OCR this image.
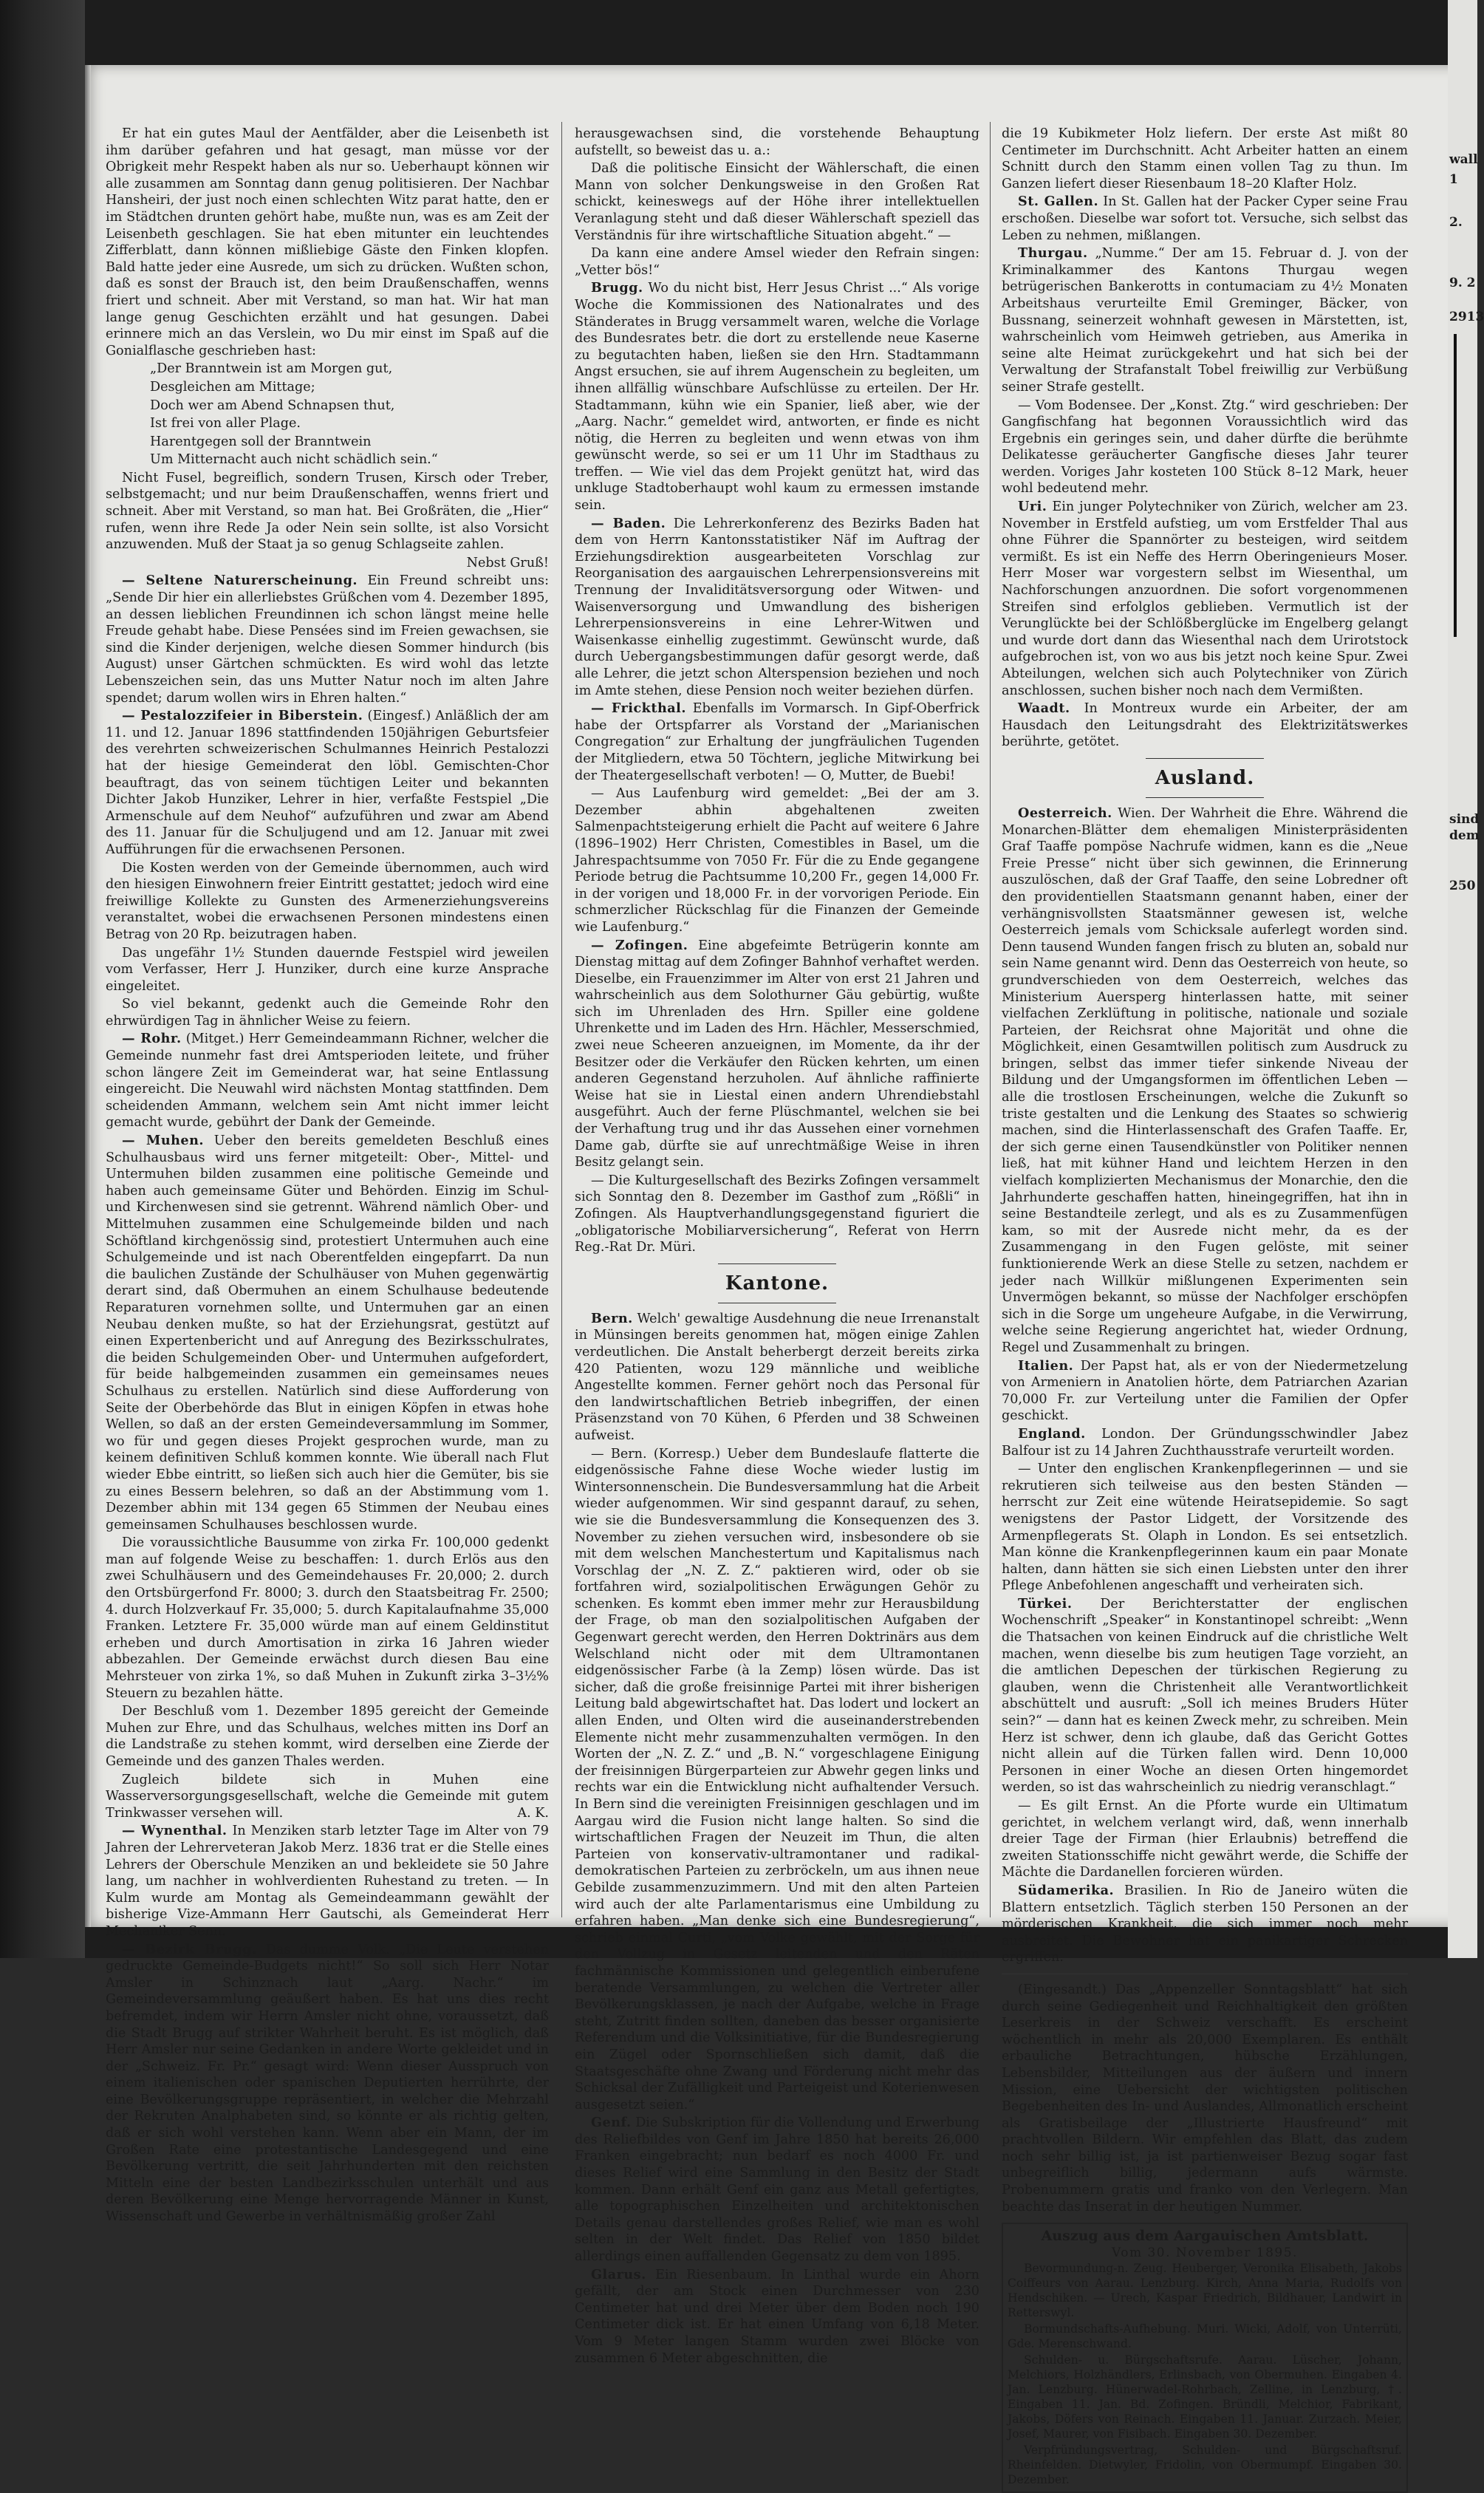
Er hat ein gutes Maul der Aentfälder, aber die Leisenbeth ist ihm darüber gefahren und hat gesagt, man müsse vor der Obrigkeit mehr Respekt haben als nur so. Ueberhaupt können wir alle zusammen am Sonntag dann genug politisieren. Der Nachbar Hansheiri, der just noch einen schlechten Witz parat hatte, den er im Städtchen drunten gehört habe, mußte nun, was es am Zeit der Leisenbeth geschlagen. Sie hat eben mitunter ein leuchtendes Zifferblatt, dann können mißliebige Gäste den Finken klopfen. Bald hatte jeder eine Ausrede, um sich zu drücken. Wußten schon, daß es sonst der Brauch ist, den beim Draußenschaffen, wenns friert und schneit. Aber mit Verstand, so man hat. Wir hat man lange genug Geschichten erzählt und hat gesungen. Dabei erinnere mich an das Verslein, wo Du mir einst im Spaß auf die Gonialflasche geschrieben hast:

„Der Branntwein ist am Morgen gut,
Desgleichen am Mittage;
Doch wer am Abend Schnapsen thut,
Ist frei von aller Plage.
Harentgegen soll der Branntwein
Um Mitternacht auch nicht schädlich sein.“

Nicht Fusel, begreiflich, sondern Trusen, Kirsch oder Treber, selbstgemacht; und nur beim Draußenschaffen, wenns friert und schneit. Aber mit Verstand, so man hat. Bei Großräten, die „Hier“ rufen, wenn ihre Rede Ja oder Nein sein sollte, ist also Vorsicht anzuwenden. Muß der Staat ja so genug Schlagseite zahlen.

Nebst Gruß!

— Seltene Naturerscheinung. Ein Freund schreibt uns: „Sende Dir hier ein allerliebstes Grüßchen vom 4. Dezember 1895, an dessen lieblichen Freundinnen ich schon längst meine helle Freude gehabt habe. Diese Pensées sind im Freien gewachsen, sie sind die Kinder derjenigen, welche diesen Sommer hindurch (bis August) unser Gärtchen schmückten. Es wird wohl das letzte Lebenszeichen sein, das uns Mutter Natur noch im alten Jahre spendet; darum wollen wirs in Ehren halten.“

— Pestalozzifeier in Biberstein. (Eingesf.) Anläßlich der am 11. und 12. Januar 1896 stattfindenden 150jährigen Geburtsfeier des verehrten schweizerischen Schulmannes Heinrich Pestalozzi hat der hiesige Gemeinderat den löbl. Gemischten-Chor beauftragt, das von seinem tüchtigen Leiter und bekannten Dichter Jakob Hunziker, Lehrer in hier, verfaßte Festspiel „Die Armenschule auf dem Neuhof“ aufzuführen und zwar am Abend des 11. Januar für die Schuljugend und am 12. Januar mit zwei Aufführungen für die erwachsenen Personen.

Die Kosten werden von der Gemeinde übernommen, auch wird den hiesigen Einwohnern freier Eintritt gestattet; jedoch wird eine freiwillige Kollekte zu Gunsten des Armenerziehungsvereins veranstaltet, wobei die erwachsenen Personen mindestens einen Betrag von 20 Rp. beizutragen haben.

Das ungefähr 1½ Stunden dauernde Festspiel wird jeweilen vom Verfasser, Herr J. Hunziker, durch eine kurze Ansprache eingeleitet.

So viel bekannt, gedenkt auch die Gemeinde Rohr den ehrwürdigen Tag in ähnlicher Weise zu feiern.

— Rohr. (Mitget.) Herr Gemeindeammann Richner, welcher die Gemeinde nunmehr fast drei Amtsperioden leitete, und früher schon längere Zeit im Gemeinderat war, hat seine Entlassung eingereicht. Die Neuwahl wird nächsten Montag stattfinden. Dem scheidenden Ammann, welchem sein Amt nicht immer leicht gemacht wurde, gebührt der Dank der Gemeinde.

— Muhen. Ueber den bereits gemeldeten Beschluß eines Schulhausbaus wird uns ferner mitgeteilt: Ober-, Mittel- und Untermuhen bilden zusammen eine politische Gemeinde und haben auch gemeinsame Güter und Behörden. Einzig im Schul- und Kirchenwesen sind sie getrennt. Während nämlich Ober- und Mittelmuhen zusammen eine Schulgemeinde bilden und nach Schöftland kirchgenössig sind, protestiert Untermuhen auch eine Schulgemeinde und ist nach Oberentfelden eingepfarrt. Da nun die baulichen Zustände der Schulhäuser von Muhen gegenwärtig derart sind, daß Obermuhen an einem Schulhause bedeutende Reparaturen vornehmen sollte, und Untermuhen gar an einen Neubau denken mußte, so hat der Erziehungsrat, gestützt auf einen Expertenbericht und auf Anregung des Bezirksschulrates, die beiden Schulgemeinden Ober- und Untermuhen aufgefordert, für beide halbgemeinden zusammen ein gemeinsames neues Schulhaus zu erstellen. Natürlich sind diese Aufforderung von Seite der Oberbehörde das Blut in einigen Köpfen in etwas hohe Wellen, so daß an der ersten Gemeindeversammlung im Sommer, wo für und gegen dieses Projekt gesprochen wurde, man zu keinem definitiven Schluß kommen konnte. Wie überall nach Flut wieder Ebbe eintritt, so ließen sich auch hier die Gemüter, bis sie zu eines Bessern belehren, so daß an der Abstimmung vom 1. Dezember abhin mit 134 gegen 65 Stimmen der Neubau eines gemeinsamen Schulhauses beschlossen wurde.

Die voraussichtliche Bausumme von zirka Fr. 100,000 gedenkt man auf folgende Weise zu beschaffen: 1. durch Erlös aus den zwei Schulhäusern und des Gemeindehauses Fr. 20,000; 2. durch den Ortsbürgerfond Fr. 8000; 3. durch den Staatsbeitrag Fr. 2500; 4. durch Holzverkauf Fr. 35,000; 5. durch Kapitalaufnahme 35,000 Franken. Letztere Fr. 35,000 würde man auf einem Geldinstitut erheben und durch Amortisation in zirka 16 Jahren wieder abbezahlen. Der Gemeinde erwächst durch diesen Bau eine Mehrsteuer von zirka 1%, so daß Muhen in Zukunft zirka 3–3½% Steuern zu bezahlen hätte.

Der Beschluß vom 1. Dezember 1895 gereicht der Gemeinde Muhen zur Ehre, und das Schulhaus, welches mitten ins Dorf an die Landstraße zu stehen kommt, wird derselben eine Zierde der Gemeinde und des ganzen Thales werden.

Zugleich bildete sich in Muhen eine Wasserversorgungsgesellschaft, welche die Gemeinde mit gutem Trinkwasser versehen will.	A. K.

— Wynenthal. In Menziken starb letzter Tage im Alter von 79 Jahren der Lehrerveteran Jakob Merz. 1836 trat er die Stelle eines Lehrers der Oberschule Menziken an und bekleidete sie 50 Jahre lang, um nachher in wohlverdienten Ruhestand zu treten. — In Kulm wurde am Montag als Gemeindeammann gewählt der bisherige Vize-Ammann Herr Gautschi, als Gemeinderat Herr Mechaniker Senn.

— Bezirk Brugg. Das dumme Volk. „Die Leute verstehen gedruckte Gemeinde-Budgets nicht!“ So soll sich Herr Notar Amsler in Schinznach laut „Aarg. Nachr.“ im Gemeindeversammlung geäußert haben. Es hat uns dies recht befremdet, indem wir Herrn Amsler nicht ohne, voraussetzt, daß die Stadt Brugg auf strikter Wahrheit beruht. Es ist möglich, daß Herr Amsler nur seine Gedanken in andere Worte gekleidet und in der „Schweiz. Fr. Pr.“ gesagt wird: Wenn dieser Ausspruch von einem italienischen oder spanischen Deputierten herrührte, der eine Bevölkerungsgruppe repräsentiert, in welcher die Mehrzahl der Rekruten Analphabeten sind, so könnte er als richtig gelten, daß er sich wohl verstehen kann. Wenn aber ein Mann, der im Großen Rate eine protestantische Landesgegend und eine Bevölkerung vertritt, die seit Jahrhunderten mit den reichsten Mitteln eine der besten Landbezirksschulen unterhält und aus deren Bevölkerung eine Menge hervorragende Männer in Kunst, Wissenschaft und Gewerbe in verhältnismäßig großer Zahl

herausgewachsen sind, die vorstehende Behauptung aufstellt, so beweist das u. a.:

Daß die politische Einsicht der Wählerschaft, die einen Mann von solcher Denkungsweise in den Großen Rat schickt, keineswegs auf der Höhe ihrer intellektuellen Veranlagung steht und daß dieser Wählerschaft speziell das Verständnis für ihre wirtschaftliche Situation abgeht.“ —

Da kann eine andere Amsel wieder den Refrain singen: „Vetter bös!“

Brugg. Wo du nicht bist, Herr Jesus Christ ...“ Als vorige Woche die Kommissionen des Nationalrates und des Ständerates in Brugg versammelt waren, welche die Vorlage des Bundesrates betr. die dort zu erstellende neue Kaserne zu begutachten haben, ließen sie den Hrn. Stadtammann Angst ersuchen, sie auf ihrem Augenschein zu begleiten, um ihnen allfällig wünschbare Aufschlüsse zu erteilen. Der Hr. Stadtammann, kühn wie ein Spanier, ließ aber, wie der „Aarg. Nachr.“ gemeldet wird, antworten, er finde es nicht nötig, die Herren zu begleiten und wenn etwas von ihm gewünscht werde, so sei er um 11 Uhr im Stadthaus zu treffen. — Wie viel das dem Projekt genützt hat, wird das unkluge Stadtoberhaupt wohl kaum zu ermessen imstande sein.

— Baden. Die Lehrerkonferenz des Bezirks Baden hat dem von Herrn Kantonsstatistiker Näf im Auftrag der Erziehungsdirektion ausgearbeiteten Vorschlag zur Reorganisation des aargauischen Lehrerpensionsvereins mit Trennung der Invaliditätsversorgung oder Witwen- und Waisenversorgung und Umwandlung des bisherigen Lehrerpensionsvereins in eine Lehrer-Witwen und Waisenkasse einhellig zugestimmt. Gewünscht wurde, daß durch Uebergangsbestimmungen dafür gesorgt werde, daß alle Lehrer, die jetzt schon Alterspension beziehen und noch im Amte stehen, diese Pension noch weiter beziehen dürfen.

— Frickthal. Ebenfalls im Vormarsch. In Gipf-Oberfrick habe der Ortspfarrer als Vorstand der „Marianischen Congregation“ zur Erhaltung der jungfräulichen Tugenden der Mitgliedern, etwa 50 Töchtern, jegliche Mitwirkung bei der Theatergesellschaft verboten! — O, Mutter, de Buebi!

— Aus Laufenburg wird gemeldet: „Bei der am 3. Dezember abhin abgehaltenen zweiten Salmenpachtsteigerung erhielt die Pacht auf weitere 6 Jahre (1896–1902) Herr Christen, Comestibles in Basel, um die Jahrespachtsumme von 7050 Fr. Für die zu Ende gegangene Periode betrug die Pachtsumme 10,200 Fr., gegen 14,000 Fr. in der vorigen und 18,000 Fr. in der vorvorigen Periode. Ein schmerzlicher Rückschlag für die Finanzen der Gemeinde wie Laufenburg.“

— Zofingen. Eine abgefeimte Betrügerin konnte am Dienstag mittag auf dem Zofinger Bahnhof verhaftet werden. Dieselbe, ein Frauenzimmer im Alter von erst 21 Jahren und wahrscheinlich aus dem Solothurner Gäu gebürtig, wußte sich im Uhrenladen des Hrn. Spiller eine goldene Uhrenkette und im Laden des Hrn. Hächler, Messerschmied, zwei neue Scheeren anzueignen, im Momente, da ihr der Besitzer oder die Verkäufer den Rücken kehrten, um einen anderen Gegenstand herzuholen. Auf ähnliche raffinierte Weise hat sie in Liestal einen andern Uhrendiebstahl ausgeführt. Auch der ferne Plüschmantel, welchen sie bei der Verhaftung trug und ihr das Aussehen einer vornehmen Dame gab, dürfte sie auf unrechtmäßige Weise in ihren Besitz gelangt sein.

— Die Kulturgesellschaft des Bezirks Zofingen versammelt sich Sonntag den 8. Dezember im Gasthof zum „Rößli“ in Zofingen. Als Hauptverhandlungsgegenstand figuriert die „obligatorische Mobiliarversicherung“, Referat von Herrn Reg.-Rat Dr. Müri.

Kantone.

Bern. Welch' gewaltige Ausdehnung die neue Irrenanstalt in Münsingen bereits genommen hat, mögen einige Zahlen verdeutlichen. Die Anstalt beherbergt derzeit bereits zirka 420 Patienten, wozu 129 männliche und weibliche Angestellte kommen. Ferner gehört noch das Personal für den landwirtschaftlichen Betrieb inbegriffen, der einen Präsenzstand von 70 Kühen, 6 Pferden und 38 Schweinen aufweist.

— Bern. (Korresp.) Ueber dem Bundeslaufe flatterte die eidgenössische Fahne diese Woche wieder lustig im Wintersonnenschein. Die Bundesversammlung hat die Arbeit wieder aufgenommen. Wir sind gespannt darauf, zu sehen, wie sie die Bundesversammlung die Konsequenzen des 3. November zu ziehen versuchen wird, insbesondere ob sie mit dem welschen Manchestertum und Kapitalismus nach Vorschlag der „N. Z. Z.“ paktieren wird, oder ob sie fortfahren wird, sozialpolitischen Erwägungen Gehör zu schenken. Es kommt eben immer mehr zur Herausbildung der Frage, ob man den sozialpolitischen Aufgaben der Gegenwart gerecht werden, den Herren Doktrinärs aus dem Welschland nicht oder mit dem Ultramontanen eidgenössischer Farbe (à la Zemp) lösen würde. Das ist sicher, daß die große freisinnige Partei mit ihrer bisherigen Leitung bald abgewirtschaftet hat. Das lodert und lockert an allen Enden, und Olten wird die auseinanderstrebenden Elemente nicht mehr zusammenzuhalten vermögen. In den Worten der „N. Z. Z.“ und „B. N.“ vorgeschlagene Einigung der freisinnigen Bürgerparteien zur Abwehr gegen links und rechts war ein die Entwicklung nicht aufhaltender Versuch. In Bern sind die vereinigten Freisinnigen geschlagen und im Aargau wird die Fusion nicht lange halten. So sind die wirtschaftlichen Fragen der Neuzeit im Thun, die alten Parteien von konservativ-ultramontaner und radikal-demokratischen Parteien zu zerbröckeln, um aus ihnen neue Gebilde zusammenzuzimmern. Und mit den alten Parteien wird auch der alte Parlamentarismus eine Umbildung zu erfahren haben. „Man denke sich eine Bundesregierung“, schrieb einmal Curti, „vom Volke gewählt, mit der Sorge für den Vollzug in Gesetz leitenden und den Räten fachmännische Kommissionen und gelegentlich einberufene beratende Versammlungen, zu welchen die Vertreter aller Bevölkerungsklassen, je nach der Aufgabe, welche in Frage steht, Zutritt finden sollten, daneben das besser organisierte Referendum und die Volksinitiative, für die Bundesregierung ein Zügel oder Spornschließen sich damit, daß die Staatsgeschäfte ohne Zwang und Förderung nicht mehr das Schicksal der Zufälligkeit und Parteigeist und Koterienwesen ausgesetzt seien.“

Genf. Die Subskription für die Vollendung und Erwerbung des Reliefbildes von Genf im Jahre 1850 hat bereits 26,000 Franken eingebracht; nun bedarf es noch 4000 Fr. und dieses Relief wird eine Sammlung in den Besitz der Stadt kommen. Dann erhält Genf ein ganz aus Metall gefertigtes, alle topographischen Einzelheiten und architektonischen Details genau darstellendes großes Relief, wie man es wohl selten in der Welt findet. Das Relief von 1850 bildet allerdings einen auffallenden Gegensatz zu dem von 1895.

Glarus. Ein Riesenbaum. In Linthal wurde ein Ahorn gefällt, der am Stock einen Durchmesser von 230 Centimeter hat und drei Meter über dem Boden noch 190 Centimeter dick ist. Er hat einen Umfang von 6,18 Meter. Vom 9 Meter langen Stamm wurden zwei Blöcke von zusammen 6 Meter abgeschnitten, die

die 19 Kubikmeter Holz liefern. Der erste Ast mißt 80 Centimeter im Durchschnitt. Acht Arbeiter hatten an einem Schnitt durch den Stamm einen vollen Tag zu thun. Im Ganzen liefert dieser Riesenbaum 18–20 Klafter Holz.

St. Gallen. In St. Gallen hat der Packer Cyper seine Frau erschoßen. Dieselbe war sofort tot. Versuche, sich selbst das Leben zu nehmen, mißlangen.

Thurgau. „Numme.“ Der am 15. Februar d. J. von der Kriminalkammer des Kantons Thurgau wegen betrügerischen Bankerotts in contumaciam zu 4½ Monaten Arbeitshaus verurteilte Emil Greminger, Bäcker, von Bussnang, seinerzeit wohnhaft gewesen in Märstetten, ist, wahrscheinlich vom Heimweh getrieben, aus Amerika in seine alte Heimat zurückgekehrt und hat sich bei der Verwaltung der Strafanstalt Tobel freiwillig zur Verbüßung seiner Strafe gestellt.

— Vom Bodensee. Der „Konst. Ztg.“ wird geschrieben: Der Gangfischfang hat begonnen Voraussichtlich wird das Ergebnis ein geringes sein, und daher dürfte die berühmte Delikatesse geräucherter Gangfische dieses Jahr teurer werden. Voriges Jahr kosteten 100 Stück 8–12 Mark, heuer wohl bedeutend mehr.

Uri. Ein junger Polytechniker von Zürich, welcher am 23. November in Erstfeld aufstieg, um vom Erstfelder Thal aus ohne Führer die Spannörter zu besteigen, wird seitdem vermißt. Es ist ein Neffe des Herrn Oberingenieurs Moser. Herr Moser war vorgestern selbst im Wiesenthal, um Nachforschungen anzuordnen. Die sofort vorgenommenen Streifen sind erfolglos geblieben. Vermutlich ist der Verunglückte bei der Schlößberglücke im Engelberg gelangt und wurde dort dann das Wiesenthal nach dem Urirotstock aufgebrochen ist, von wo aus bis jetzt noch keine Spur. Zwei Abteilungen, welchen sich auch Polytechniker von Zürich anschlossen, suchen bisher noch nach dem Vermißten.

Waadt. In Montreux wurde ein Arbeiter, der am Hausdach den Leitungsdraht des Elektrizitätswerkes berührte, getötet.

Ausland.

Oesterreich. Wien. Der Wahrheit die Ehre. Während die Monarchen-Blätter dem ehemaligen Ministerpräsidenten Graf Taaffe pompöse Nachrufe widmen, kann es die „Neue Freie Presse“ nicht über sich gewinnen, die Erinnerung auszulöschen, daß der Graf Taaffe, den seine Lobredner oft den providentiellen Staatsmann genannt haben, einer der verhängnisvollsten Staatsmänner gewesen ist, welche Oesterreich jemals vom Schicksale auferlegt worden sind. Denn tausend Wunden fangen frisch zu bluten an, sobald nur sein Name genannt wird. Denn das Oesterreich von heute, so grundverschieden von dem Oesterreich, welches das Ministerium Auersperg hinterlassen hatte, mit seiner vielfachen Zerklüftung in politische, nationale und soziale Parteien, der Reichsrat ohne Majorität und ohne die Möglichkeit, einen Gesamtwillen politisch zum Ausdruck zu bringen, selbst das immer tiefer sinkende Niveau der Bildung und der Umgangsformen im öffentlichen Leben — alle die trostlosen Erscheinungen, welche die Zukunft so triste gestalten und die Lenkung des Staates so schwierig machen, sind die Hinterlassenschaft des Grafen Taaffe. Er, der sich gerne einen Tausendkünstler von Politiker nennen ließ, hat mit kühner Hand und leichtem Herzen in den vielfach komplizierten Mechanismus der Monarchie, den die Jahrhunderte geschaffen hatten, hineingegriffen, hat ihn in seine Bestandteile zerlegt, und als es zu Zusammenfügen kam, so mit der Ausrede nicht mehr, da es der Zusammengang in den Fugen gelöste, mit seiner funktionierende Werk an diese Stelle zu setzen, nachdem er jeder nach Willkür mißlungenen Experimenten sein Unvermögen bekannt, so müsse der Nachfolger erschöpfen sich in die Sorge um ungeheure Aufgabe, in die Verwirrung, welche seine Regierung angerichtet hat, wieder Ordnung, Regel und Zusammenhalt zu bringen.

Italien. Der Papst hat, als er von der Niedermetzelung von Armeniern in Anatolien hörte, dem Patriarchen Azarian 70,000 Fr. zur Verteilung unter die Familien der Opfer geschickt.

England. London. Der Gründungsschwindler Jabez Balfour ist zu 14 Jahren Zuchthausstrafe verurteilt worden.

— Unter den englischen Krankenpflegerinnen — und sie rekrutieren sich teilweise aus den besten Ständen — herrscht zur Zeit eine wütende Heiratsepidemie. So sagt wenigstens der Pastor Lidgett, der Vorsitzende des Armenpflegerats St. Olaph in London. Es sei entsetzlich. Man könne die Krankenpflegerinnen kaum ein paar Monate halten, dann hätten sie sich einen Liebsten unter den ihrer Pflege Anbefohlenen angeschafft und verheiraten sich.

Türkei. Der Berichterstatter der englischen Wochenschrift „Speaker“ in Konstantinopel schreibt: „Wenn die Thatsachen von keinen Eindruck auf die christliche Welt machen, wenn dieselbe bis zum heutigen Tage vorzieht, an die amtlichen Depeschen der türkischen Regierung zu glauben, wenn die Christenheit alle Verantwortlichkeit abschüttelt und ausruft: „Soll ich meines Bruders Hüter sein?“ — dann hat es keinen Zweck mehr, zu schreiben. Mein Herz ist schwer, denn ich glaube, daß das Gericht Gottes nicht allein auf die Türken fallen wird. Denn 10,000 Personen in einer Woche an diesen Orten hingemordet werden, so ist das wahrscheinlich zu niedrig veranschlagt.“

— Es gilt Ernst. An die Pforte wurde ein Ultimatum gerichtet, in welchem verlangt wird, daß, wenn innerhalb dreier Tage der Firman (hier Erlaubnis) betreffend die zweiten Stationsschiffe nicht gewährt werde, die Schiffe der Mächte die Dardanellen forcieren würden.

Südamerika. Brasilien. In Rio de Janeiro wüten die Blattern entsetzlich. Täglich sterben 150 Personen an der mörderischen Krankheit, die sich immer noch mehr ausbreitet. Die Bewohner hat ein panikartiger Schrecken ergriffen.

(Eingesandt.) Das „Appenzeller Sonntagsblatt“ hat sich durch seine Gediegenheit und Reichhaltigkeit den größten Leserkreis in der Schweiz verschafft. Es erscheint wöchentlich in mehr als 20,000 Exemplaren. Es enthält erbauliche Betrachtungen, hübsche Erzählungen, Lebensbilder, Mitteilungen aus der äußern und innern Mission, eine Uebersicht der wichtigsten politischen Begebenheiten des In- und Auslandes, Allmonatlich erscheint als Gratisbeilage der „Illustrierte Hausfreund“ mit prachtvollen Bildern. Wir empfehlen das Blatt, das zudem noch sehr billig ist, ja ist partienweiser Bezug sogar fast unbegreiflich billig, jedermann aufs wärmste. Probenummern gratis und franko von den Verlegern. Man beachte das Inserat in der heutigen Nummer.

Auszug aus dem Aargauischen Amtsblatt.
Vom 30. November 1895.

Bevormundung-n. Zeug. Heuberger, Veronika Elisabeth, Jakobs Coiffeurs von Aarau. Lenzburg. Kirch, Anna Maria, Rudolfs von Hendschiken. — Urech, Kaspar Friedrich, Bildhauer, Landwirt in Retterswyl.

Bormundschafts-Aufhebung. Muri. Wicki, Adolf, von Unterrüti, Gde. Merenschwand.

Schulden- u. Bürgschaftsrufe. Aarau. Lüscher, Johann, Melchiors, Holzhändlers, Erlinsbach, von Obermuhen. Eingaben 4. Jan. Lenzburg. Hünerwadel-Rohrbach, Zelline, in Lenzburg, †. Eingaben 11. Jan. Bd. Zofingen. Bründli, Melchior, Fabrikant, Jakobs, Döfers von Reinach. Eingaben 11. Januar. Zurzach. Meier, Josef, Maurer, von Fisibach. Eingaben 30. Dezember.

Verpfründungsvertrag, Schulden- und Bürgschaftsruf. Rheinfelden. Dietwyler, Fridolin, von Obermumpf. Eingaben 30. Dezember.

wall
1
2.
9. 2
2913
sind
dem
250
